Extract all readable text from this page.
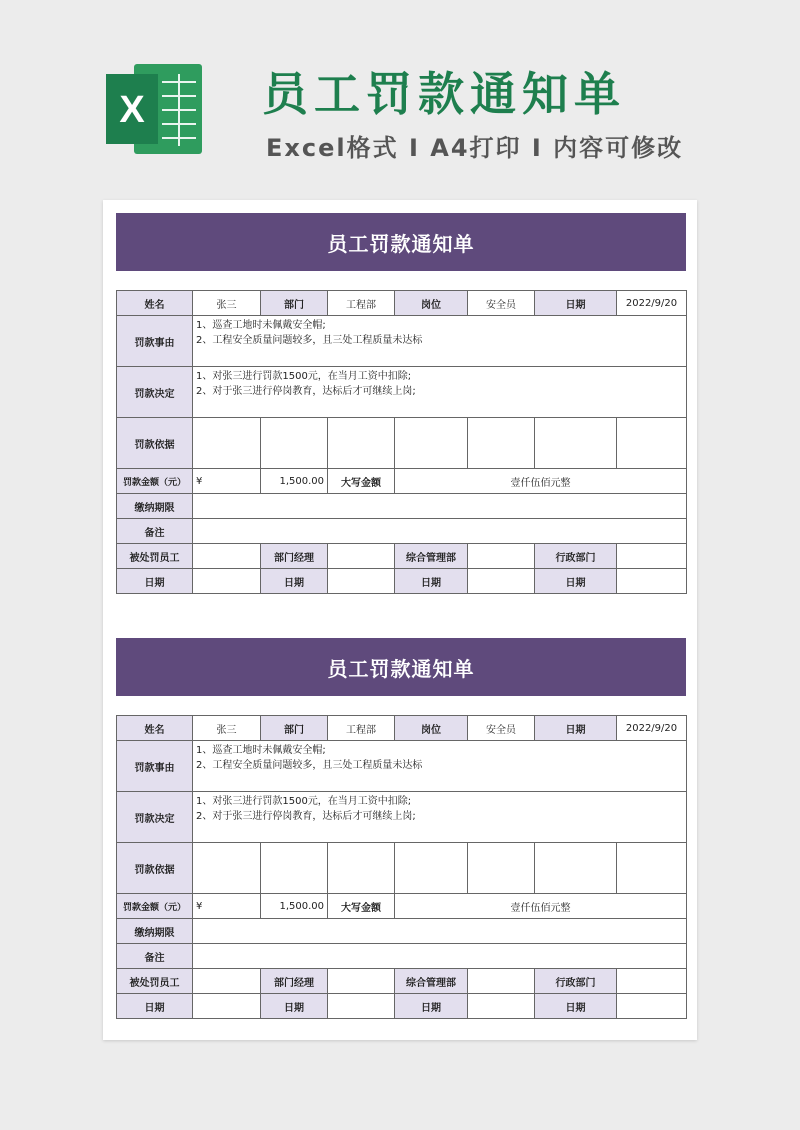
X	员工罚款通知单
Excel格式 I A4打印 I 内容可修改
员工罚款通知单
姓名	张三	部门	工程部	岗位	安全员	日期	2022/9/20
罚款事由	1、巡查工地时未佩戴安全帽;
2、工程安全质量问题较多，且三处工程质量未达标						

罚款决定	1、对张三进行罚款1500元，在当月工资中扣除;
2、对于张三进行停岗教育，达标后才可继续上岗;						

罚款依据							
罚款金额（元）	¥	1,500.00	大写金额	壹仟伍佰元整			
缴纳期限							
备注							
被处罚员工		部门经理		综合管理部		行政部门	
日期		日期		日期		日期	
员工罚款通知单
姓名	张三	部门	工程部	岗位	安全员	日期	2022/9/20
罚款事由	1、巡查工地时未佩戴安全帽;
2、工程安全质量问题较多，且三处工程质量未达标						

罚款决定	1、对张三进行罚款1500元，在当月工资中扣除;
2、对于张三进行停岗教育，达标后才可继续上岗;						

罚款依据							
罚款金额（元）	¥	1,500.00	大写金额	壹仟伍佰元整			
缴纳期限							
备注							
被处罚员工		部门经理		综合管理部		行政部门	
日期		日期		日期		日期	
